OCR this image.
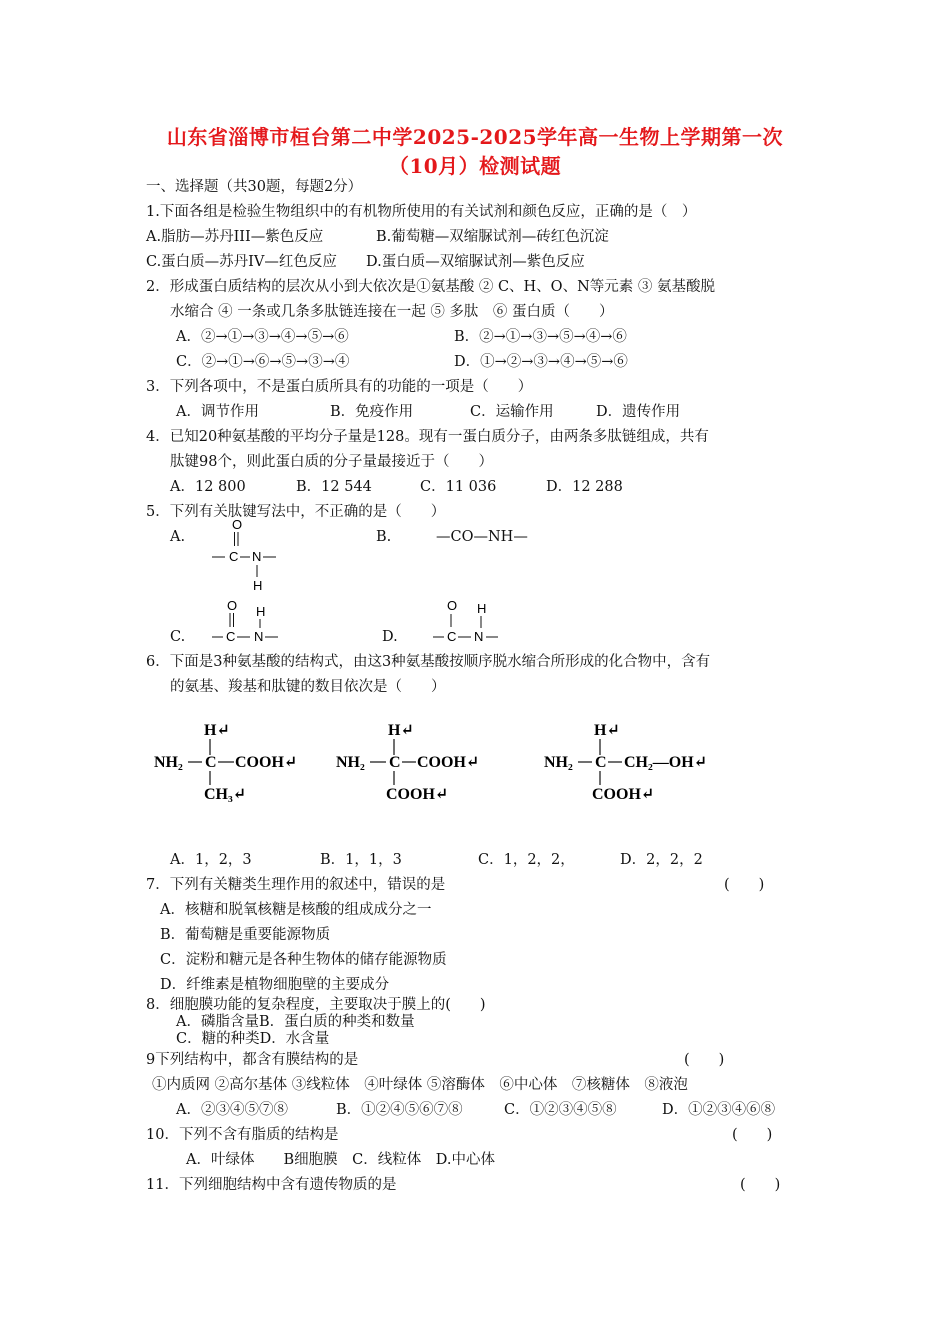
山东省淄博市桓台第二中学2025-2025学年高一生物上学期第一次
（10月）检测试题
一、选择题（共30题，每题2分）
1.下面各组是检验生物组织中的有机物所使用的有关试剂和颜色反应，正确的是（　）
A.脂肪—苏丹III—紫色反应	B.葡萄糖—双缩脲试剂—砖红色沉淀
C.蛋白质—苏丹IV—红色反应 D.蛋白质—双缩脲试剂—紫色反应
2．形成蛋白质结构的层次从小到大依次是①氨基酸 ② C、H、O、N等元素 ③ 氨基酸脱
水缩合 ④ 一条或几条多肽链连接在一起 ⑤ 多肽　⑥ 蛋白质（　　）
A．②→①→③→④→⑤→⑥	B．②→①→③→⑤→④→⑥
C．②→①→⑥→⑤→③→④	D．①→②→③→④→⑤→⑥
3．下列各项中，不是蛋白质所具有的功能的一项是（　　）
A．调节作用	B．免疫作用	C．运输作用	D．遗传作用
4．已知20种氨基酸的平均分子量是128。现有一蛋白质分子，由两条多肽链组成，共有
肽键98个，则此蛋白质的分子量最接近于（　　）
A．12 800	B．12 544	C．11 036	D．12 288
5．下列有关肽键写法中，不正确的是（　　）
A.	B.	—CO—NH—
C.	D.
O
C N
H
O H
C N
O H
C N
6．下面是3种氨基酸的结构式，由这3种氨基酸按顺序脱水缩合所形成的化合物中，含有
的氨基、羧基和肽键的数目依次是（　　）
H↵
NH₂ C COOH↵
CH₃↵
H↵
NH₂ C COOH↵
COOH↵
H↵
NH₂ C CH₂—OH↵
COOH↵
A．1，2，3	B．1，1，3	C．1，2，2，	D．2，2，2
7．下列有关糖类生理作用的叙述中，错误的是	(　　)
A．核糖和脱氧核糖是核酸的组成成分之一
B．葡萄糖是重要能源物质
C．淀粉和糖元是各种生物体的储存能源物质
D．纤维素是植物细胞壁的主要成分
8．细胞膜功能的复杂程度，主要取决于膜上的(　　)
A．磷脂含量B．蛋白质的种类和数量
C．糖的种类D．水含量
9下列结构中，都含有膜结构的是	(　　)
①内质网 ②高尔基体 ③线粒体　④叶绿体 ⑤溶酶体　⑥中心体　⑦核糖体　⑧液泡
A．②③④⑤⑦⑧	B．①②④⑤⑥⑦⑧	C．①②③④⑤⑧	D．①②③④⑥⑧
10．下列不含有脂质的结构是	(　　)
A．叶绿体　　B细胞膜　C．线粒体　D.中心体
11．下列细胞结构中含有遗传物质的是	(　　)
